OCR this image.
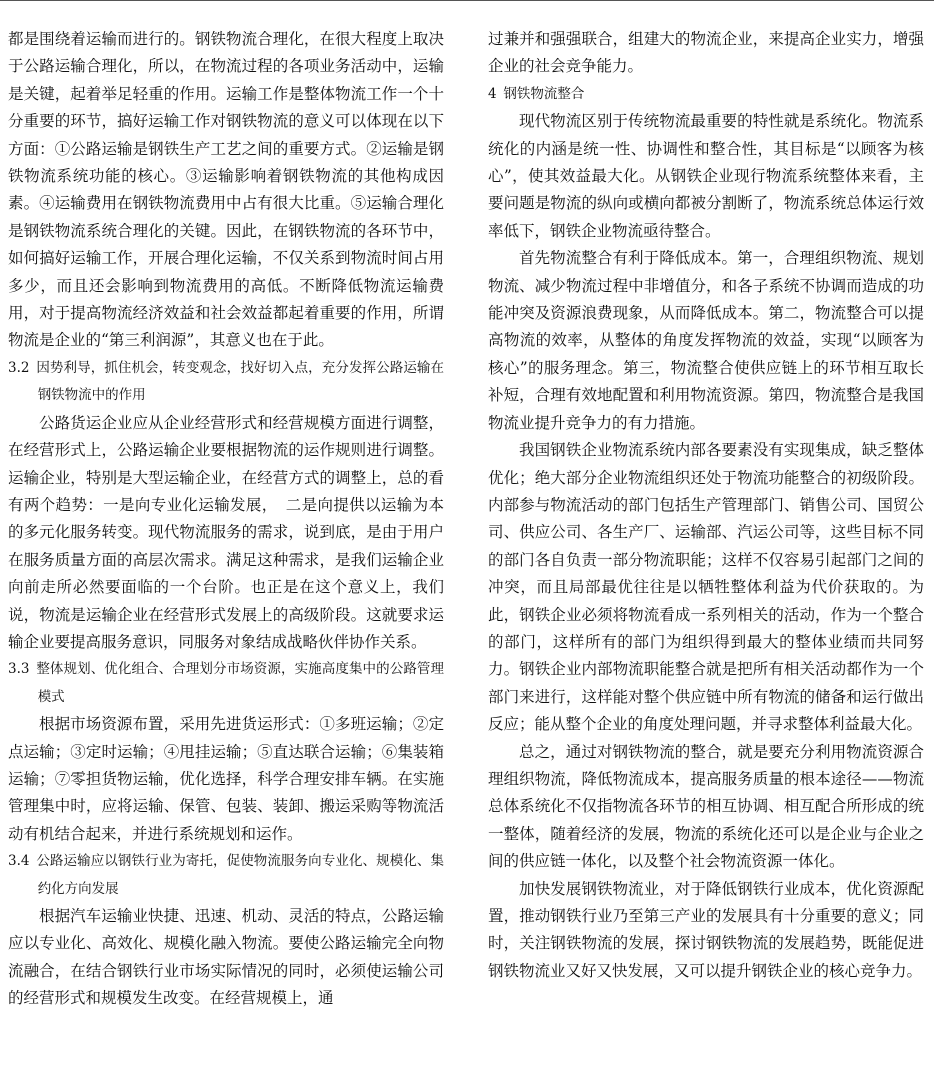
都是围绕着运输而进行的。钢铁物流合理化，在很大程度上取决于公路运输合理化，所以，在物流过程的各项业务活动中，运输是关键，起着举足轻重的作用。运输工作是整体物流工作一个十分重要的环节，搞好运输工作对钢铁物流的意义可以体现在以下方面：①公路运输是钢铁生产工艺之间的重要方式。②运输是钢铁物流系统功能的核心。③运输影响着钢铁物流的其他构成因素。④运输费用在钢铁物流费用中占有很大比重。⑤运输合理化是钢铁物流系统合理化的关键。因此，在钢铁物流的各环节中，如何搞好运输工作，开展合理化运输，不仅关系到物流时间占用多少，而且还会影响到物流费用的高低。不断降低物流运输费用，对于提高物流经济效益和社会效益都起着重要的作用，所谓物流是企业的“第三利润源”，其意义也在于此。

3.2 因势利导，抓住机会，转变观念，找好切入点，充分发挥公路运输在钢铁物流中的作用

公路货运企业应从企业经营形式和经营规模方面进行调整，在经营形式上，公路运输企业要根据物流的运作规则进行调整。运输企业，特别是大型运输企业，在经营方式的调整上，总的看有两个趋势：一是向专业化运输发展，　二是向提供以运输为本的多元化服务转变。现代物流服务的需求，说到底，是由于用户在服务质量方面的高层次需求。满足这种需求，是我们运输企业向前走所必然要面临的一个台阶。也正是在这个意义上，我们说，物流是运输企业在经营形式发展上的高级阶段。这就要求运输企业要提高服务意识，同服务对象结成战略伙伴协作关系。

3.3 整体规划、优化组合、合理划分市场资源，实施高度集中的公路管理模式

根据市场资源布置，采用先进货运形式：①多班运输；②定点运输；③定时运输；④甩挂运输；⑤直达联合运输；⑥集装箱运输；⑦零担货物运输，优化选择，科学合理安排车辆。在实施管理集中时，应将运输、保管、包装、装卸、搬运采购等物流活动有机结合起来，并进行系统规划和运作。

3.4 公路运输应以钢铁行业为寄托，促使物流服务向专业化、规模化、集约化方向发展

根据汽车运输业快捷、迅速、机动、灵活的特点，公路运输应以专业化、高效化、规模化融入物流。要使公路运输完全向物流融合，在结合钢铁行业市场实际情况的同时，必须使运输公司的经营形式和规模发生改变。在经营规模上，通

过兼并和强强联合，组建大的物流企业，来提高企业实力，增强企业的社会竞争能力。

4 钢铁物流整合

现代物流区别于传统物流最重要的特性就是系统化。物流系统化的内涵是统一性、协调性和整合性，其目标是“以顾客为核心”，使其效益最大化。从钢铁企业现行物流系统整体来看，主要问题是物流的纵向或横向都被分割断了，物流系统总体运行效率低下，钢铁企业物流亟待整合。

首先物流整合有利于降低成本。第一，合理组织物流、规划物流、减少物流过程中非增值分，和各子系统不协调而造成的功能冲突及资源浪费现象，从而降低成本。第二，物流整合可以提高物流的效率，从整体的角度发挥物流的效益，实现“以顾客为核心”的服务理念。第三，物流整合使供应链上的环节相互取长补短，合理有效地配置和利用物流资源。第四，物流整合是我国物流业提升竞争力的有力措施。

我国钢铁企业物流系统内部各要素没有实现集成，缺乏整体优化；绝大部分企业物流组织还处于物流功能整合的初级阶段。内部参与物流活动的部门包括生产管理部门、销售公司、国贸公司、供应公司、各生产厂、运输部、汽运公司等，这些目标不同的部门各自负责一部分物流职能；这样不仅容易引起部门之间的冲突，而且局部最优往往是以牺牲整体利益为代价获取的。为此，钢铁企业必须将物流看成一系列相关的活动，作为一个整合的部门，这样所有的部门为组织得到最大的整体业绩而共同努力。钢铁企业内部物流职能整合就是把所有相关活动都作为一个部门来进行，这样能对整个供应链中所有物流的储备和运行做出反应；能从整个企业的角度处理问题，并寻求整体利益最大化。

总之，通过对钢铁物流的整合，就是要充分利用物流资源合理组织物流，降低物流成本，提高服务质量的根本途径——物流总体系统化不仅指物流各环节的相互协调、相互配合所形成的统一整体，随着经济的发展，物流的系统化还可以是企业与企业之间的供应链一体化，以及整个社会物流资源一体化。

加快发展钢铁物流业，对于降低钢铁行业成本，优化资源配置，推动钢铁行业乃至第三产业的发展具有十分重要的意义；同时，关注钢铁物流的发展，探讨钢铁物流的发展趋势，既能促进钢铁物流业又好又快发展，又可以提升钢铁企业的核心竞争力。
